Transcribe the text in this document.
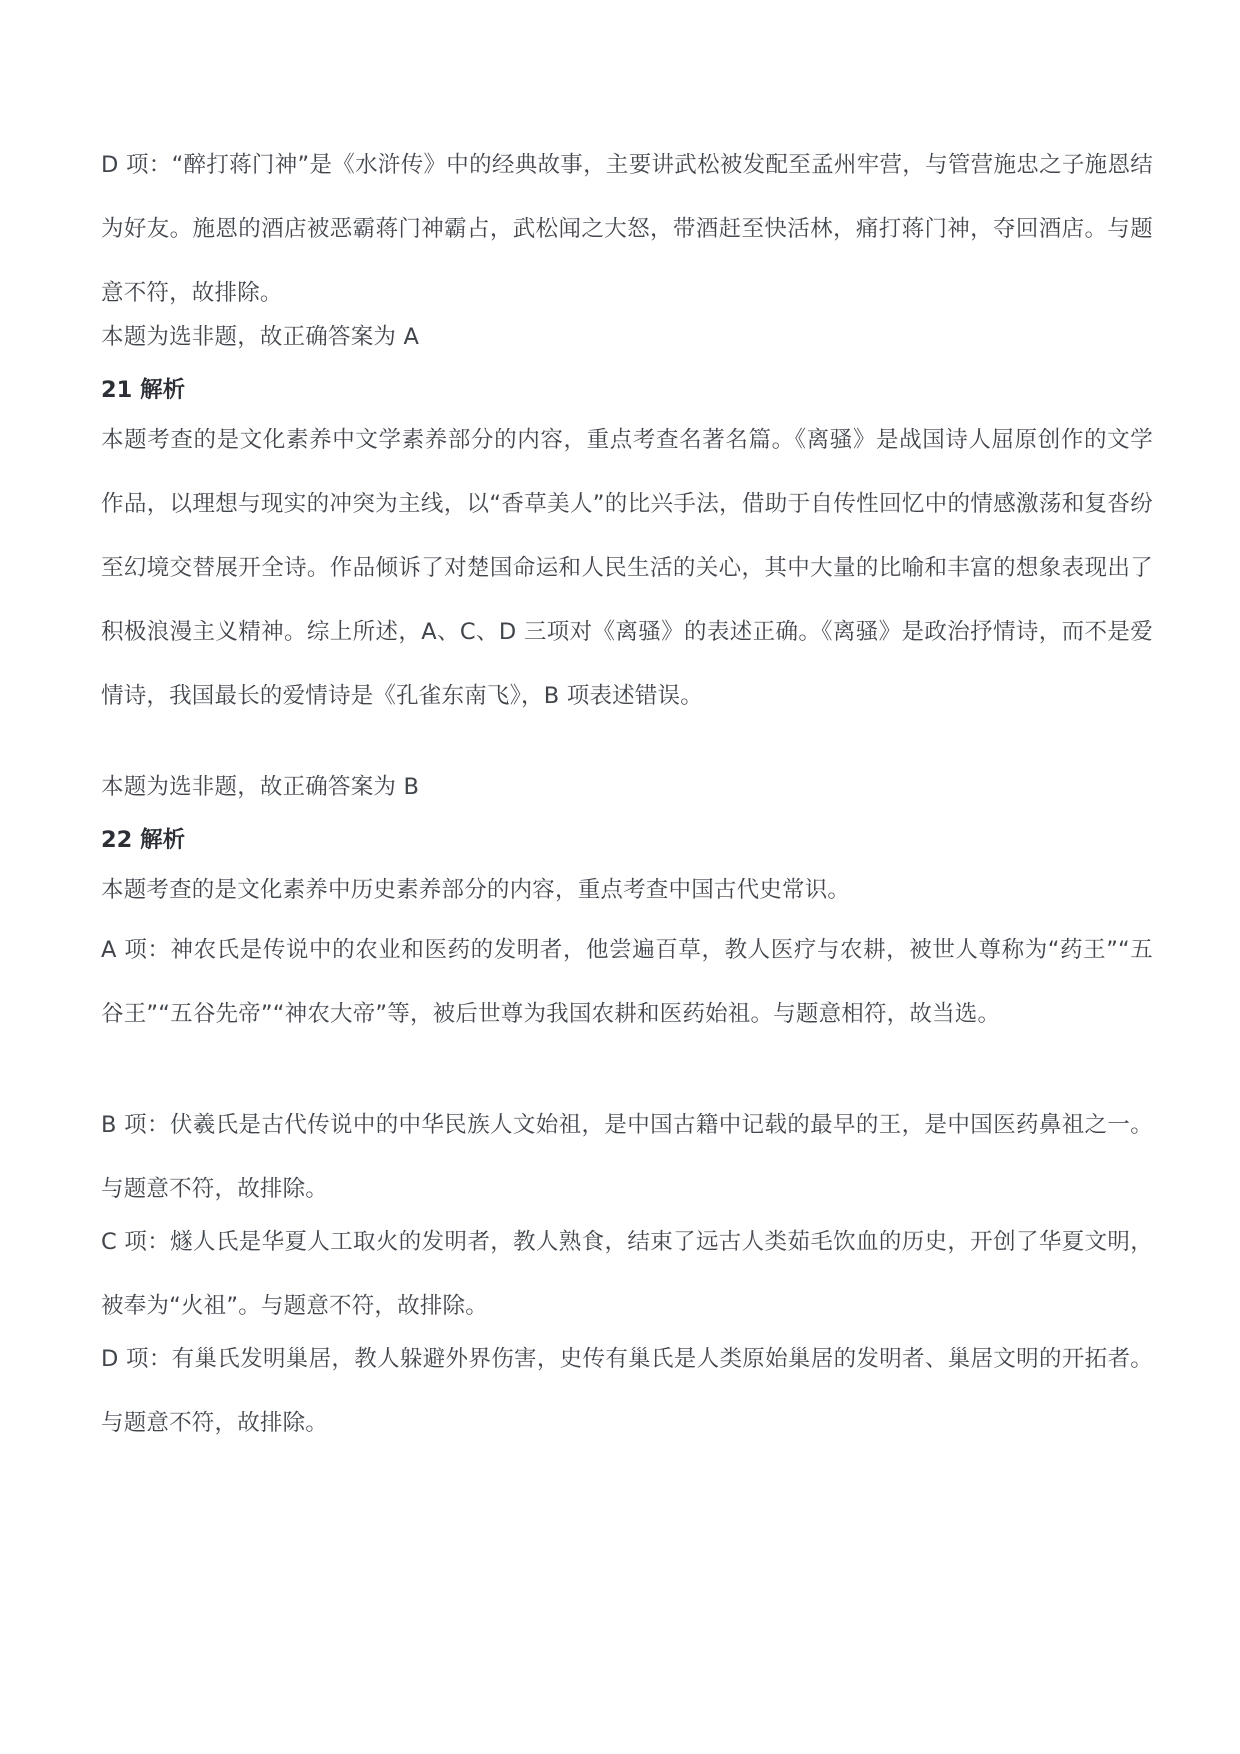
D 项：“醉打蒋门神”是《水浒传》中的经典故事，主要讲武松被发配至孟州牢营，与管营施忠之子施恩结为好友。施恩的酒店被恶霸蒋门神霸占，武松闻之大怒，带酒赶至快活林，痛打蒋门神，夺回酒店。与题意不符，故排除。

本题为选非题，故正确答案为 A

21 解析

本题考查的是文化素养中文学素养部分的内容，重点考查名著名篇。《离骚》是战国诗人屈原创作的文学作品，以理想与现实的冲突为主线，以“香草美人”的比兴手法，借助于自传性回忆中的情感激荡和复沓纷至幻境交替展开全诗。作品倾诉了对楚国命运和人民生活的关心，其中大量的比喻和丰富的想象表现出了积极浪漫主义精神。综上所述，A、C、D 三项对《离骚》的表述正确。《离骚》是政治抒情诗，而不是爱情诗，我国最长的爱情诗是《孔雀东南飞》，B 项表述错误。

本题为选非题，故正确答案为 B

22 解析

本题考查的是文化素养中历史素养部分的内容，重点考查中国古代史常识。

A 项：神农氏是传说中的农业和医药的发明者，他尝遍百草，教人医疗与农耕，被世人尊称为“药王”“五谷王”“五谷先帝”“神农大帝”等，被后世尊为我国农耕和医药始祖。与题意相符，故当选。

B 项：伏羲氏是古代传说中的中华民族人文始祖，是中国古籍中记载的最早的王，是中国医药鼻祖之一。与题意不符，故排除。

C 项：燧人氏是华夏人工取火的发明者，教人熟食，结束了远古人类茹毛饮血的历史，开创了华夏文明，被奉为“火祖”。与题意不符，故排除。

D 项：有巢氏发明巢居，教人躲避外界伤害，史传有巢氏是人类原始巢居的发明者、巢居文明的开拓者。与题意不符，故排除。
